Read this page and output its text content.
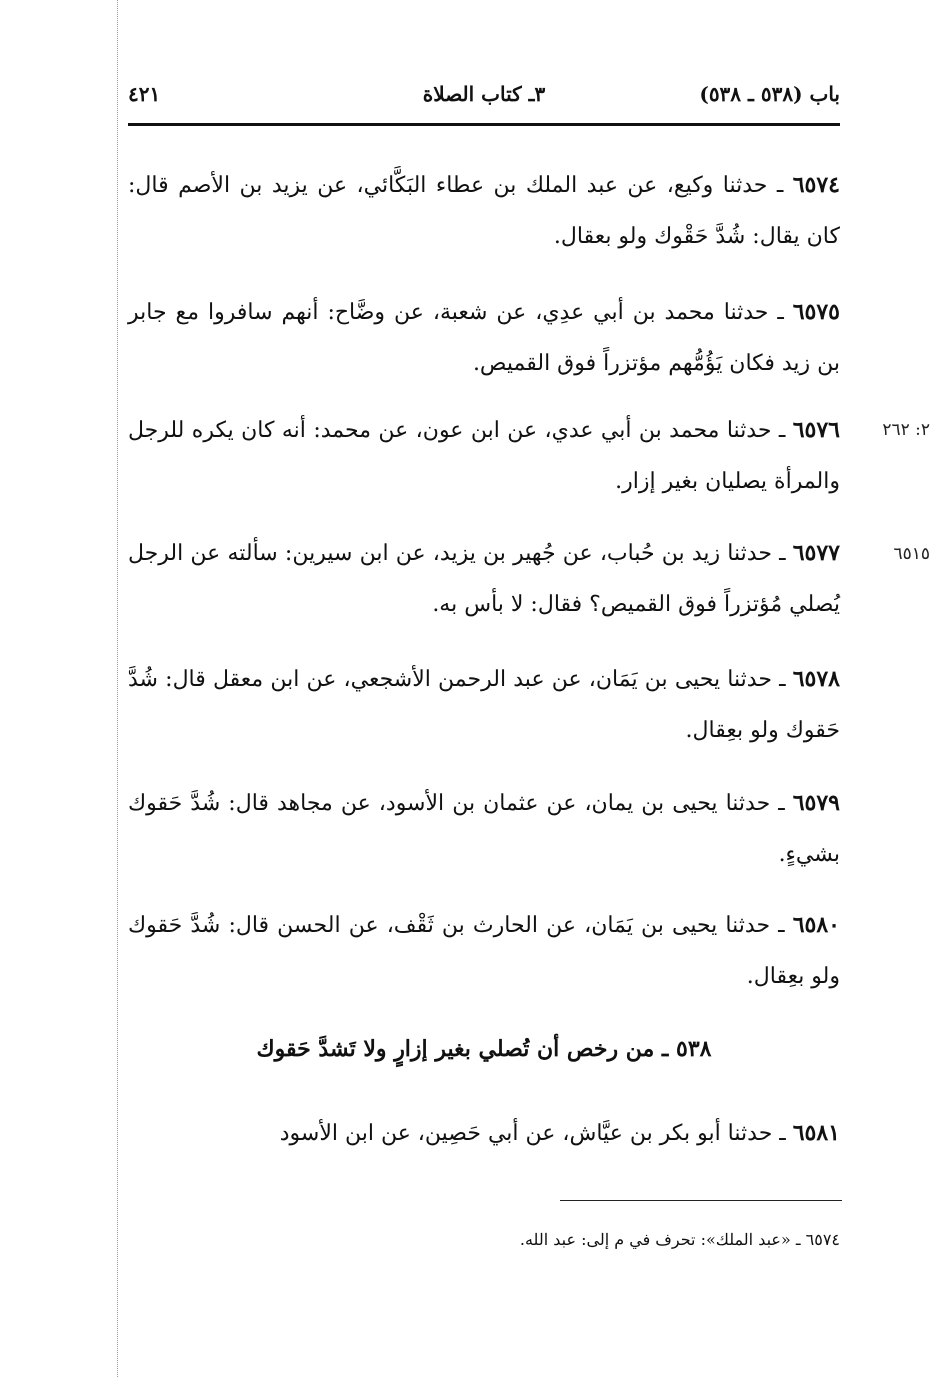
باب (٥٣٨ ـ ٥٣٨)
٣ـ كتاب الصلاة
٤٢١
٦٥٧٤ ـ حدثنا وكيع، عن عبد الملك بن عطاء البَكَّائي، عن يزيد بن الأصم قال: كان يقال: شُدَّ حَقْوك ولو بعقال.
٦٥٧٥ ـ حدثنا محمد بن أبي عدِي، عن شعبة، عن وضَّاح: أنهم سافروا مع جابر بن زيد فكان يَؤُمُّهم مؤتزراً فوق القميص.
٢: ٢٦٢
٦٥٧٦ ـ حدثنا محمد بن أبي عدي، عن ابن عون، عن محمد: أنه كان يكره للرجل والمرأة يصليان بغير إزار.
٦٥١٥
٦٥٧٧ ـ حدثنا زيد بن حُباب، عن جُهير بن يزيد، عن ابن سيرين: سألته عن الرجل يُصلي مُؤتزراً فوق القميص؟ فقال: لا بأس به.
٦٥٧٨ ـ حدثنا يحيى بن يَمَان، عن عبد الرحمن الأشجعي، عن ابن معقل قال: شُدَّ حَقوك ولو بعِقال.
٦٥٧٩ ـ حدثنا يحيى بن يمان، عن عثمان بن الأسود، عن مجاهد قال: شُدَّ حَقوك بشيءٍ.
٦٥٨٠ ـ حدثنا يحيى بن يَمَان، عن الحارث بن ثَقْف، عن الحسن قال: شُدَّ حَقوك ولو بعِقال.
٥٣٨ ـ من رخص أن تُصلي بغير إزارٍ ولا تَشدَّ حَقوك
٦٥٨١ ـ حدثنا أبو بكر بن عيَّاش، عن أبي حَصِين، عن ابن الأسود
٦٥٧٤ ـ «عبد الملك»: تحرف في م إلى: عبد الله.
